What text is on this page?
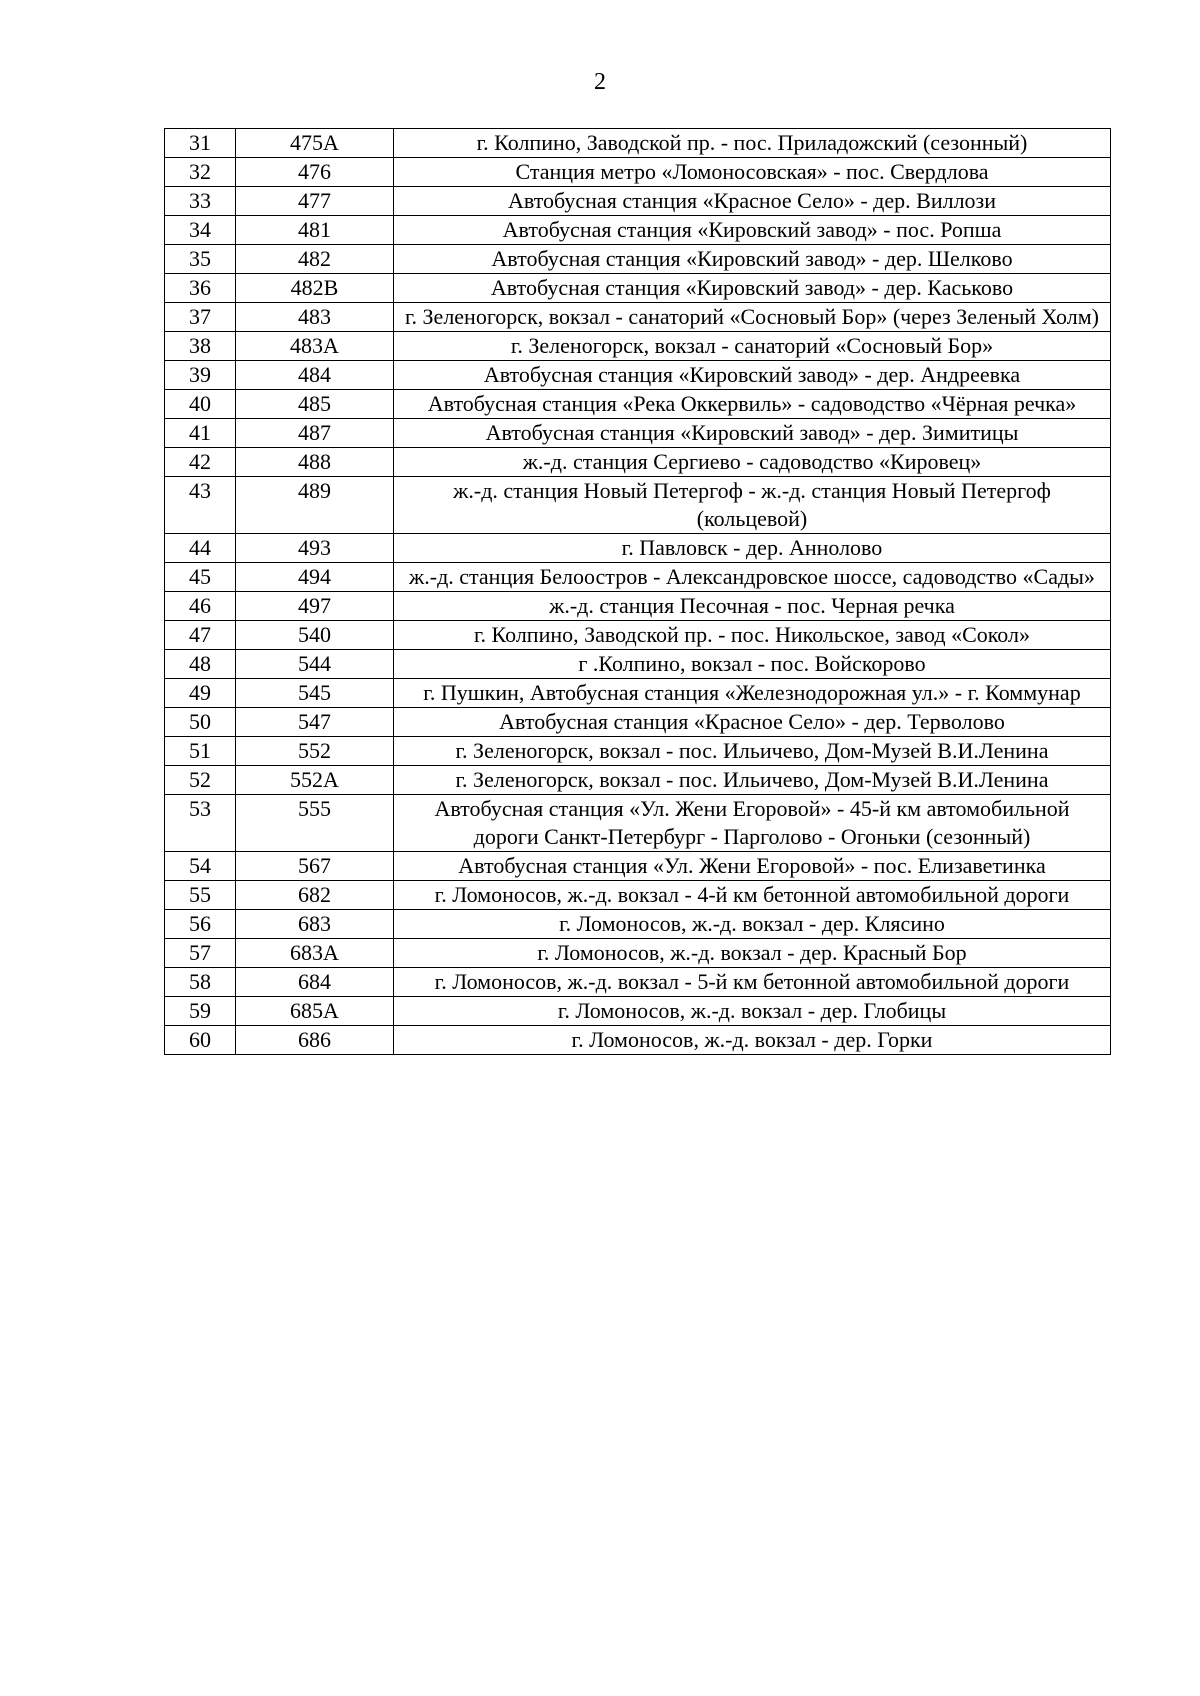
2
31	475А	г. Колпино, Заводской пр. - пос. Приладожский (сезонный)
32	476	Станция метро «Ломоносовская» - пос. Свердлова
33	477	Автобусная станция «Красное Село» - дер. Виллози
34	481	Автобусная станция «Кировский завод» - пос. Ропша
35	482	Автобусная станция «Кировский завод» - дер. Шелково
36	482В	Автобусная станция «Кировский завод» - дер. Каськово
37	483	г. Зеленогорск, вокзал - санаторий «Сосновый Бор» (через Зеленый Холм)
38	483А	г. Зеленогорск, вокзал - санаторий «Сосновый Бор»
39	484	Автобусная станция «Кировский завод» - дер. Андреевка
40	485	Автобусная станция «Река Оккервиль» - садоводство «Чёрная речка»
41	487	Автобусная станция «Кировский завод» - дер. Зимитицы
42	488	ж.-д. станция Сергиево - садоводство «Кировец»
43	489	ж.-д. станция Новый Петергоф - ж.-д. станция Новый Петергоф (кольцевой)
44	493	г. Павловск - дер. Аннолово
45	494	ж.-д. станция Белоостров - Александровское шоссе, садоводство «Сады»
46	497	ж.-д. станция Песочная - пос. Черная речка
47	540	г. Колпино, Заводской пр. - пос. Никольское, завод «Сокол»
48	544	г .Колпино, вокзал - пос. Войскорово
49	545	г. Пушкин, Автобусная станция «Железнодорожная ул.» - г. Коммунар
50	547	Автобусная станция «Красное Село» - дер. Терволово
51	552	г. Зеленогорск, вокзал - пос. Ильичево, Дом-Музей В.И.Ленина
52	552А	г. Зеленогорск, вокзал - пос. Ильичево, Дом-Музей В.И.Ленина
53	555	Автобусная станция «Ул. Жени Егоровой» - 45-й км автомобильной дороги Санкт-Петербург - Парголово - Огоньки (сезонный)
54	567	Автобусная станция «Ул. Жени Егоровой» - пос. Елизаветинка
55	682	г. Ломоносов, ж.-д. вокзал - 4-й км бетонной автомобильной дороги
56	683	г. Ломоносов, ж.-д. вокзал - дер. Клясино
57	683А	г. Ломоносов, ж.-д. вокзал - дер. Красный Бор
58	684	г. Ломоносов, ж.-д. вокзал - 5-й км бетонной автомобильной дороги
59	685А	г. Ломоносов, ж.-д. вокзал - дер. Глобицы
60	686	г. Ломоносов, ж.-д. вокзал - дер. Горки
